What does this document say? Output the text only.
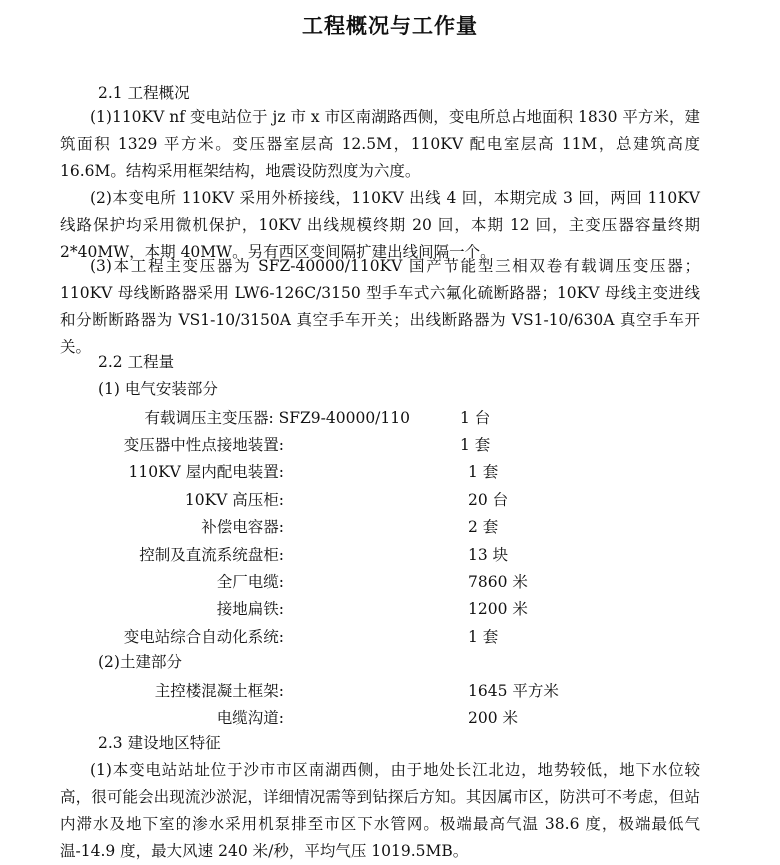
工程概况与工作量
2.1 工程概况
(1)110KV nf 变电站位于 jz 市 x 市区南湖路西侧，变电所总占地面积 1830 平方米，建筑面积 1329 平方米。变压器室层高 12.5M，110KV 配电室层高 11M，总建筑高度 16.6M。结构采用框架结构，地震设防烈度为六度。
(2)本变电所 110KV 采用外桥接线，110KV 出线 4 回，本期完成 3 回，两回 110KV 线路保护均采用微机保护，10KV 出线规模终期 20 回，本期 12 回，主变压器容量终期 2*40MW，本期 40MW。另有西区变间隔扩建出线间隔一个。
(3)本工程主变压器为 SFZ-40000/110KV 国产节能型三相双卷有载调压变压器；110KV 母线断路器采用 LW6-126C/3150 型手车式六氟化硫断路器；10KV 母线主变进线和分断断路器为 VS1-10/3150A 真空手车开关；出线断路器为 VS1-10/630A 真空手车开关。
2.2 工程量
(1) 电气安装部分
有载调压主变压器: SFZ9-40000/110	1 台
变压器中性点接地装置:	1 套
110KV 屋内配电装置:	1 套
10KV 高压柜:	20 台
补偿电容器:	2 套
控制及直流系统盘柜:	13 块
全厂电缆:	7860 米
接地扁铁:	1200 米
变电站综合自动化系统:	1 套
(2)土建部分
主控楼混凝土框架:	1645 平方米
电缆沟道:	200 米
2.3 建设地区特征
(1)本变电站站址位于沙市市区南湖西侧，由于地处长江北边，地势较低，地下水位较高，很可能会出现流沙淤泥，详细情况需等到钻探后方知。其因属市区，防洪可不考虑，但站内滞水及地下室的渗水采用机泵排至市区下水管网。极端最高气温 38.6 度，极端最低气温-14.9 度，最大风速 240 米/秒，平均气压 1019.5MB。
